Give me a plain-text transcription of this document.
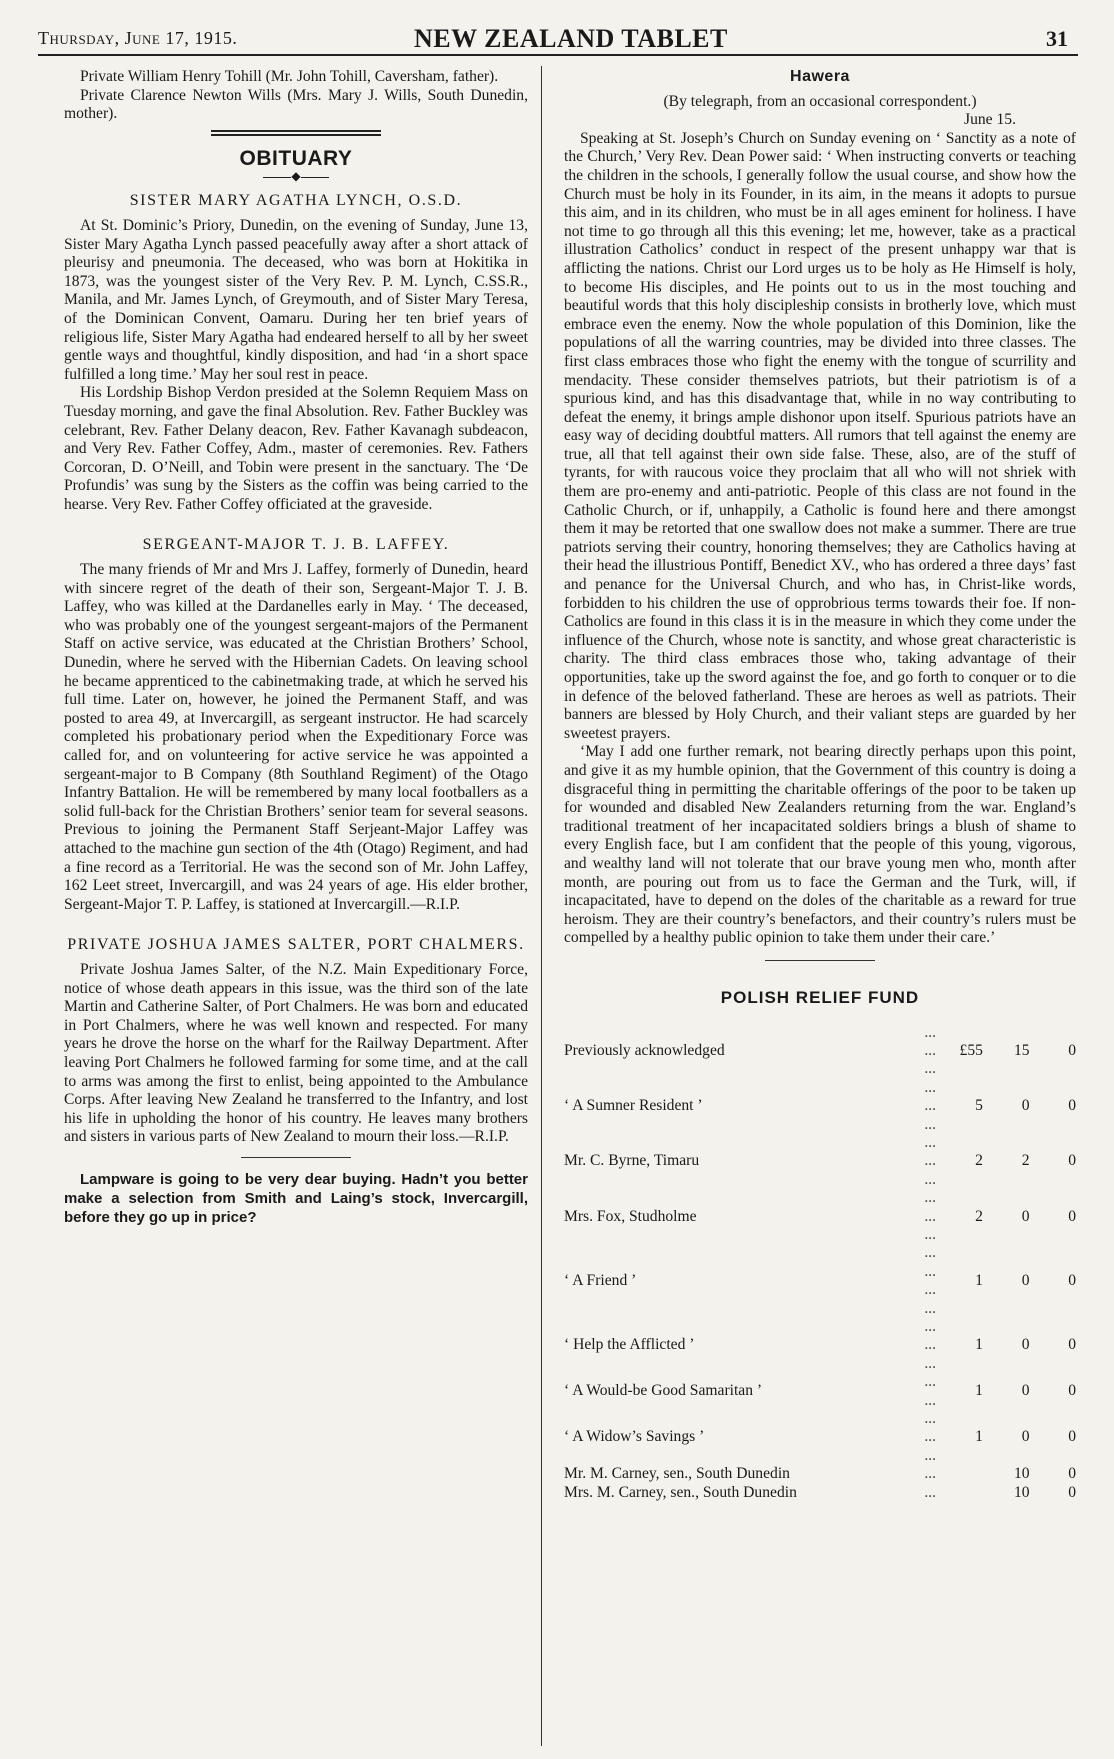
Thursday, June 17, 1915.	NEW ZEALAND TABLET	31

Private William Henry Tohill (Mr. John Tohill, Caversham, father).

Private Clarence Newton Wills (Mrs. Mary J. Wills, South Dunedin, mother).

OBITUARY
◆
SISTER MARY AGATHA LYNCH, O.S.D.

At St. Dominic’s Priory, Dunedin, on the evening of Sunday, June 13, Sister Mary Agatha Lynch passed peacefully away after a short attack of pleurisy and pneumonia. The deceased, who was born at Hokitika in 1873, was the youngest sister of the Very Rev. P. M. Lynch, C.SS.R., Manila, and Mr. James Lynch, of Greymouth, and of Sister Mary Teresa, of the Dominican Convent, Oamaru. During her ten brief years of religious life, Sister Mary Agatha had endeared herself to all by her sweet gentle ways and thoughtful, kindly disposition, and had ‘in a short space fulfilled a long time.’ May her soul rest in peace.

His Lordship Bishop Verdon presided at the Solemn Requiem Mass on Tuesday morning, and gave the final Absolution. Rev. Father Buckley was celebrant, Rev. Father Delany deacon, Rev. Father Kavanagh subdeacon, and Very Rev. Father Coffey, Adm., master of ceremonies. Rev. Fathers Corcoran, D. O’Neill, and Tobin were present in the sanctuary. The ‘De Profundis’ was sung by the Sisters as the coffin was being carried to the hearse. Very Rev. Father Coffey officiated at the graveside.

SERGEANT-MAJOR T. J. B. LAFFEY.

The many friends of Mr and Mrs J. Laffey, formerly of Dunedin, heard with sincere regret of the death of their son, Sergeant-Major T. J. B. Laffey, who was killed at the Dardanelles early in May. ‘ The deceased, who was probably one of the youngest sergeant-majors of the Permanent Staff on active service, was educated at the Christian Brothers’ School, Dunedin, where he served with the Hibernian Cadets. On leaving school he became apprenticed to the cabinetmaking trade, at which he served his full time. Later on, however, he joined the Permanent Staff, and was posted to area 49, at Invercargill, as sergeant instructor. He had scarcely completed his probationary period when the Expeditionary Force was called for, and on volunteering for active service he was appointed a sergeant-major to B Company (8th Southland Regiment) of the Otago Infantry Battalion. He will be remembered by many local footballers as a solid full-back for the Christian Brothers’ senior team for several seasons. Previous to joining the Permanent Staff Serjeant-Major Laffey was attached to the machine gun section of the 4th (Otago) Regiment, and had a fine record as a Territorial. He was the second son of Mr. John Laffey, 162 Leet street, Invercargill, and was 24 years of age. His elder brother, Sergeant-Major T. P. Laffey, is stationed at Invercargill.—R.I.P.

PRIVATE JOSHUA JAMES SALTER, PORT CHALMERS.

Private Joshua James Salter, of the N.Z. Main Expeditionary Force, notice of whose death appears in this issue, was the third son of the late Martin and Catherine Salter, of Port Chalmers. He was born and educated in Port Chalmers, where he was well known and respected. For many years he drove the horse on the wharf for the Railway Department. After leaving Port Chalmers he followed farming for some time, and at the call to arms was among the first to enlist, being appointed to the Ambulance Corps. After leaving New Zealand he transferred to the Infantry, and lost his life in upholding the honor of his country. He leaves many brothers and sisters in various parts of New Zealand to mourn their loss.—R.I.P.

Lampware is going to be very dear buying. Hadn’t you better make a selection from Smith and Laing’s stock, Invercargill, before they go up in price?

Hawera

(By telegraph, from an occasional correspondent.)

June 15.

Speaking at St. Joseph’s Church on Sunday evening on ‘ Sanctity as a note of the Church,’ Very Rev. Dean Power said: ‘ When instructing converts or teaching the children in the schools, I generally follow the usual course, and show how the Church must be holy in its Founder, in its aim, in the means it adopts to pursue this aim, and in its children, who must be in all ages eminent for holiness. I have not time to go through all this this evening; let me, however, take as a practical illustration Catholics’ conduct in respect of the present unhappy war that is afflicting the nations. Christ our Lord urges us to be holy as He Himself is holy, to become His disciples, and He points out to us in the most touching and beautiful words that this holy discipleship consists in brotherly love, which must embrace even the enemy. Now the whole population of this Dominion, like the populations of all the warring countries, may be divided into three classes. The first class embraces those who fight the enemy with the tongue of scurrility and mendacity. These consider themselves patriots, but their patriotism is of a spurious kind, and has this disadvantage that, while in no way contributing to defeat the enemy, it brings ample dishonor upon itself. Spurious patriots have an easy way of deciding doubtful matters. All rumors that tell against the enemy are true, all that tell against their own side false. These, also, are of the stuff of tyrants, for with raucous voice they proclaim that all who will not shriek with them are pro-enemy and anti-patriotic. People of this class are not found in the Catholic Church, or if, unhappily, a Catholic is found here and there amongst them it may be retorted that one swallow does not make a summer. There are true patriots serving their country, honoring themselves; they are Catholics having at their head the illustrious Pontiff, Benedict XV., who has ordered a three days’ fast and penance for the Universal Church, and who has, in Christ-like words, forbidden to his children the use of opprobrious terms towards their foe. If non-Catholics are found in this class it is in the measure in which they come under the influence of the Church, whose note is sanctity, and whose great characteristic is charity. The third class embraces those who, taking advantage of their opportunities, take up the sword against the foe, and go forth to conquer or to die in defence of the beloved fatherland. These are heroes as well as patriots. Their banners are blessed by Holy Church, and their valiant steps are guarded by her sweetest prayers.

‘May I add one further remark, not bearing directly perhaps upon this point, and give it as my humble opinion, that the Government of this country is doing a disgraceful thing in permitting the charitable offerings of the poor to be taken up for wounded and disabled New Zealanders returning from the war. England’s traditional treatment of her incapacitated soldiers brings a blush of shame to every English face, but I am confident that the people of this young, vigorous, and wealthy land will not tolerate that our brave young men who, month after month, are pouring out from us to face the German and the Turk, will, if incapacitated, have to depend on the doles of the charitable as a reward for true heroism. They are their country’s benefactors, and their country’s rulers must be compelled by a healthy public opinion to take them under their care.’

POLISH RELIEF FUND
Previously acknowledged	... ... ...	£55	15	0
‘ A Sumner Resident ’	... ... ...	5	0	0
Mr. C. Byrne, Timaru	... ... ...	2	2	0
Mrs. Fox, Studholme	... ... ...	2	0	0
‘ A Friend ’	... ... ... ...	1	0	0
‘ Help the Afflicted ’	... ... ...	1	0	0
‘ A Would-be Good Samaritan ’	... ...	1	0	0
‘ A Widow’s Savings ’	... ... ...	1	0	0
Mr. M. Carney, sen., South Dunedin	...		10	0
Mrs. M. Carney, sen., South Dunedin	...		10	0
